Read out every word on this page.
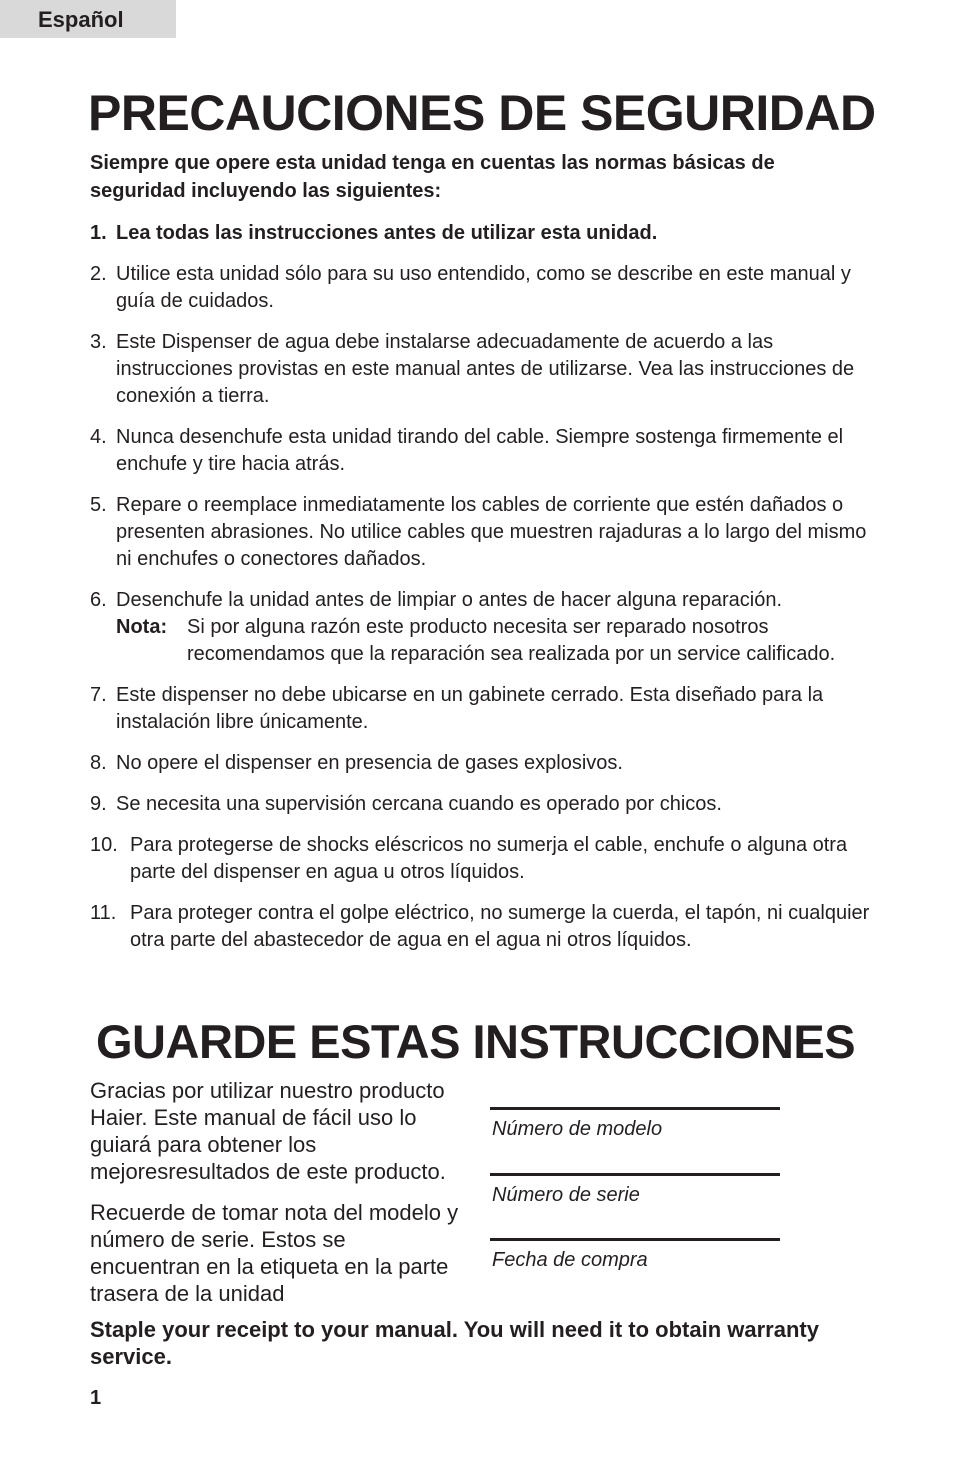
Español
PRECAUCIONES DE SEGURIDAD
Siempre que opere esta unidad tenga en cuentas las normas básicas de seguridad incluyendo las siguientes:
1. Lea todas las instrucciones antes de utilizar esta unidad.
2. Utilice esta unidad sólo para su uso entendido, como se describe en este manual y guía de cuidados.
3. Este Dispenser de agua debe instalarse adecuadamente de acuerdo a las instrucciones provistas en este manual antes de utilizarse. Vea las instrucciones de conexión a tierra.
4. Nunca desenchufe esta unidad tirando del cable. Siempre sostenga firmemente el enchufe y tire hacia atrás.
5. Repare o reemplace inmediatamente los cables de corriente que estén dañados o presenten abrasiones. No utilice cables que muestren rajaduras a lo largo del mismo ni enchufes o conectores dañados.
6. Desenchufe la unidad antes de limpiar o antes de hacer alguna reparación.
Nota: Si por alguna razón este producto necesita ser reparado nosotros recomendamos que la reparación sea realizada por un service calificado.
7. Este dispenser no debe ubicarse en un gabinete cerrado. Esta diseñado para la instalación libre únicamente.
8. No opere el dispenser en presencia de gases explosivos.
9. Se necesita una supervisión cercana cuando es operado por chicos.
10. Para protegerse de shocks eléscricos no sumerja el cable, enchufe o alguna otra parte del dispenser en agua u otros líquidos.
11. Para proteger contra el golpe eléctrico, no sumerge la cuerda, el tapón, ni cualquier otra parte del abastecedor de agua en el agua ni otros líquidos.
GUARDE ESTAS INSTRUCCIONES

Gracias por utilizar nuestro producto Haier. Este manual de fácil uso lo guiará para obtener los mejoresresultados de este producto.

Recuerde de tomar nota del modelo y número de serie. Estos se encuentran en la etiqueta en la parte trasera de la unidad

Número de modelo
Número de serie
Fecha de compra
Staple your receipt to your manual. You will need it to obtain warranty service.
1
